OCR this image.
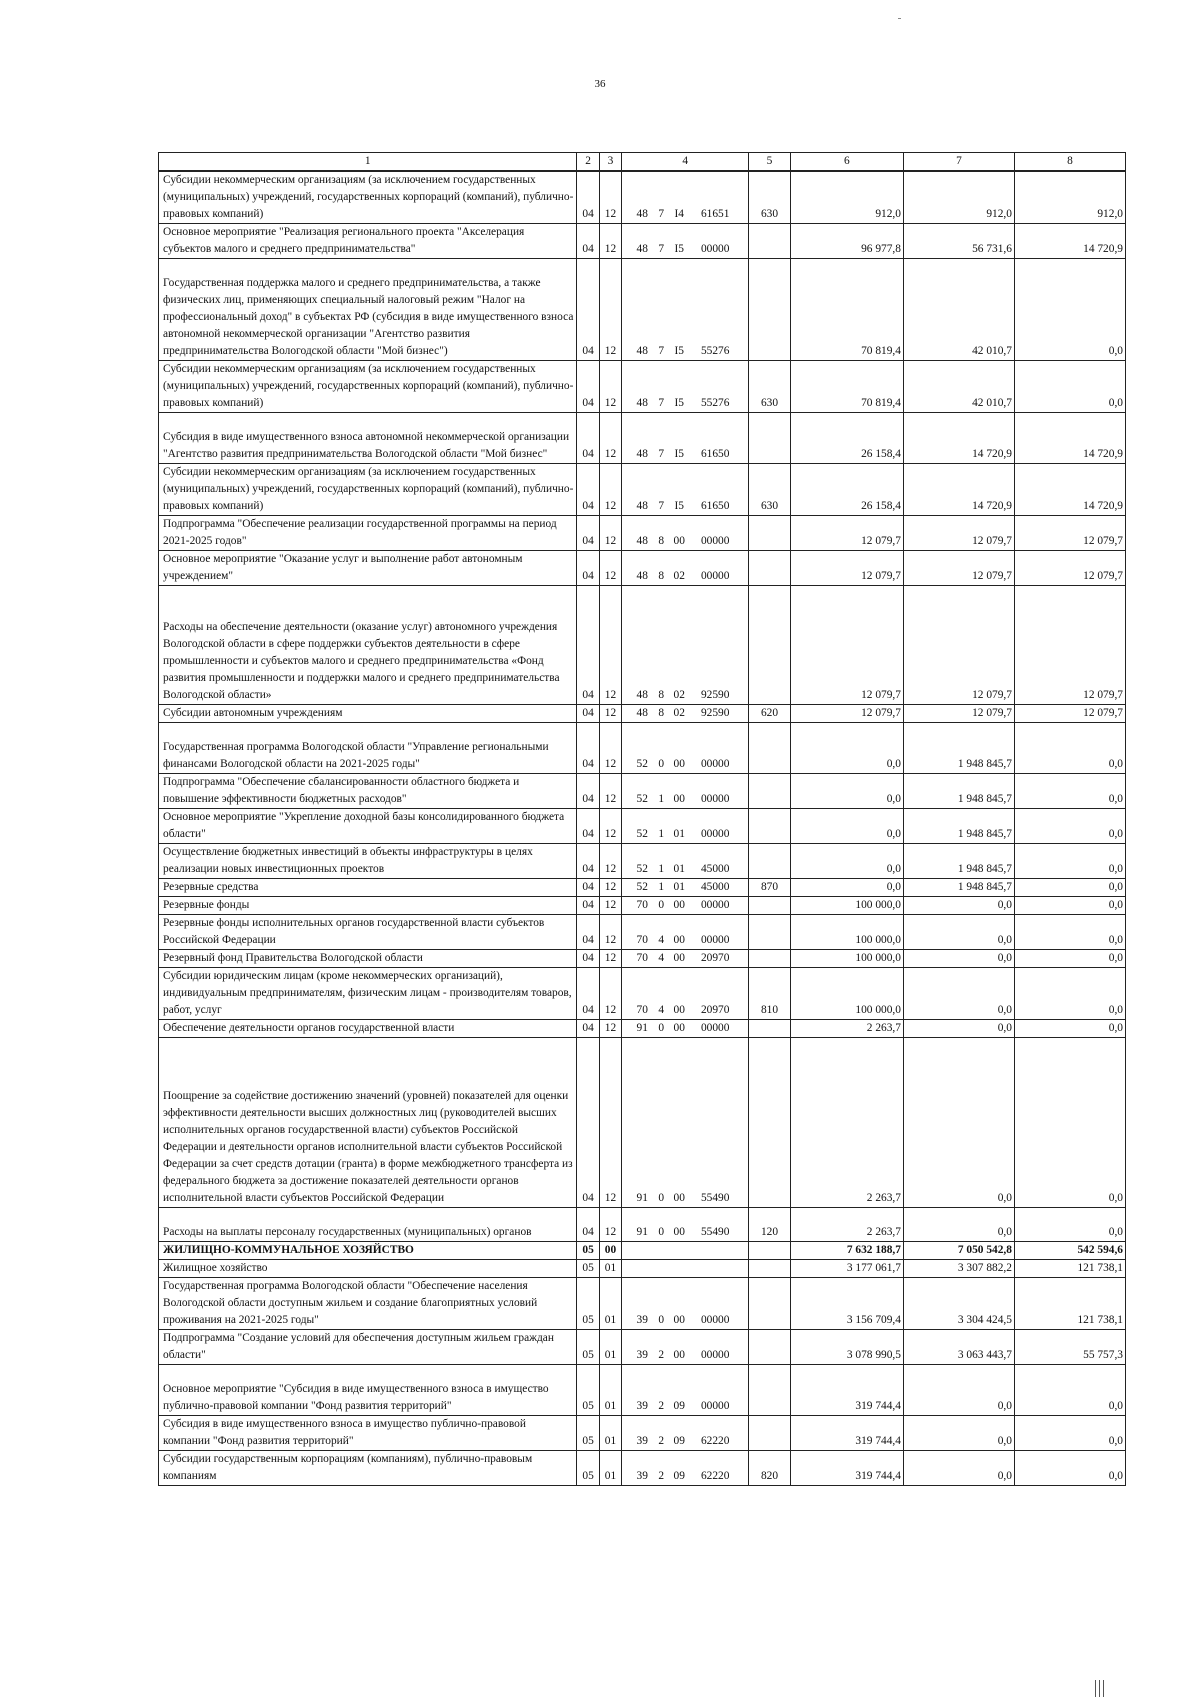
36
1	2	3	4	5	6	7	8
Субсидии некоммерческим организациям (за исключением государственных (муниципальных) учреждений, государственных корпораций (компаний), публично-правовых компаний)	04	12	48 7 I4 61651	630	912,0	912,0	912,0
Основное мероприятие "Реализация регионального проекта "Акселерация субъектов малого и среднего предпринимательства"	04	12	48 7 I5 00000		96 977,8	56 731,6	14 720,9
Государственная поддержка малого и среднего предпринимательства, а также физических лиц, применяющих специальный налоговый режим "Налог на профессиональный доход" в субъектах РФ (субсидия в виде имущественного взноса автономной некоммерческой организации "Агентство развития предпринимательства Вологодской области "Мой бизнес")	04	12	48 7 I5 55276		70 819,4	42 010,7	0,0
Субсидии некоммерческим организациям (за исключением государственных (муниципальных) учреждений, государственных корпораций (компаний), публично-правовых компаний)	04	12	48 7 I5 55276	630	70 819,4	42 010,7	0,0
Субсидия в виде имущественного взноса автономной некоммерческой организации "Агентство развития предпринимательства Вологодской области "Мой бизнес"	04	12	48 7 I5 61650		26 158,4	14 720,9	14 720,9
Субсидии некоммерческим организациям (за исключением государственных (муниципальных) учреждений, государственных корпораций (компаний), публично-правовых компаний)	04	12	48 7 I5 61650	630	26 158,4	14 720,9	14 720,9
Подпрограмма "Обеспечение реализации государственной программы на период 2021-2025 годов"	04	12	48 8 00 00000		12 079,7	12 079,7	12 079,7
Основное мероприятие "Оказание услуг и выполнение работ автономным учреждением"	04	12	48 8 02 00000		12 079,7	12 079,7	12 079,7
Расходы на обеспечение деятельности (оказание услуг) автономного учреждения Вологодской области в сфере поддержки субъектов деятельности в сфере промышленности и субъектов малого и среднего предпринимательства «Фонд развития промышленности и поддержки малого и среднего предпринимательства Вологодской области»	04	12	48 8 02 92590		12 079,7	12 079,7	12 079,7
Субсидии автономным учреждениям	04	12	48 8 02 92590	620	12 079,7	12 079,7	12 079,7
Государственная программа Вологодской области "Управление региональными финансами Вологодской области на 2021-2025 годы"	04	12	52 0 00 00000		0,0	1 948 845,7	0,0
Подпрограмма "Обеспечение сбалансированности областного бюджета и повышение эффективности бюджетных расходов"	04	12	52 1 00 00000		0,0	1 948 845,7	0,0
Основное мероприятие "Укрепление доходной базы консолидированного бюджета области"	04	12	52 1 01 00000		0,0	1 948 845,7	0,0
Осуществление бюджетных инвестиций в объекты инфраструктуры в целях реализации новых инвестиционных проектов	04	12	52 1 01 45000		0,0	1 948 845,7	0,0
Резервные средства	04	12	52 1 01 45000	870	0,0	1 948 845,7	0,0
Резервные фонды	04	12	70 0 00 00000		100 000,0	0,0	0,0
Резервные фонды исполнительных органов государственной власти субъектов Российской Федерации	04	12	70 4 00 00000		100 000,0	0,0	0,0
Резервный фонд Правительства Вологодской области	04	12	70 4 00 20970		100 000,0	0,0	0,0
Субсидии юридическим лицам (кроме некоммерческих организаций), индивидуальным предпринимателям, физическим лицам - производителям товаров, работ, услуг	04	12	70 4 00 20970	810	100 000,0	0,0	0,0
Обеспечение деятельности органов государственной власти	04	12	91 0 00 00000		2 263,7	0,0	0,0
Поощрение за содействие достижению значений (уровней) показателей для оценки эффективности деятельности высших должностных лиц (руководителей высших исполнительных органов государственной власти) субъектов Российской Федерации и деятельности органов исполнительной власти субъектов Российской Федерации за счет средств дотации (гранта) в форме межбюджетного трансферта из федерального бюджета за достижение показателей деятельности органов исполнительной власти субъектов Российской Федерации	04	12	91 0 00 55490		2 263,7	0,0	0,0
Расходы на выплаты персоналу государственных (муниципальных) органов	04	12	91 0 00 55490	120	2 263,7	0,0	0,0
ЖИЛИЩНО-КОММУНАЛЬНОЕ ХОЗЯЙСТВО	05	00			7 632 188,7	7 050 542,8	542 594,6
Жилищное хозяйство	05	01			3 177 061,7	3 307 882,2	121 738,1
Государственная программа Вологодской области "Обеспечение населения Вологодской области доступным жильем и создание благоприятных условий проживания на 2021-2025 годы"	05	01	39 0 00 00000		3 156 709,4	3 304 424,5	121 738,1
Подпрограмма "Создание условий для обеспечения доступным жильем граждан области"	05	01	39 2 00 00000		3 078 990,5	3 063 443,7	55 757,3
Основное мероприятие "Субсидия в виде имущественного взноса в имущество публично-правовой компании "Фонд развития территорий"	05	01	39 2 09 00000		319 744,4	0,0	0,0
Субсидия в виде имущественного взноса в имущество публично-правовой компании "Фонд развития территорий"	05	01	39 2 09 62220		319 744,4	0,0	0,0
Субсидии государственным корпорациям (компаниям), публично-правовым компаниям	05	01	39 2 09 62220	820	319 744,4	0,0	0,0
